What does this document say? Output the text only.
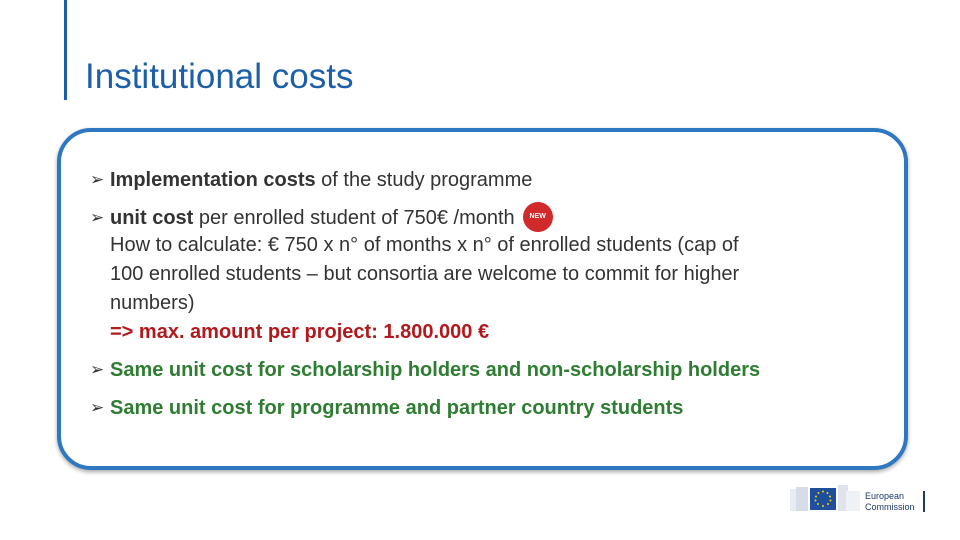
Institutional costs
➢ Implementation costs of the study programme
➢ unit cost per enrolled student of 750€ /month NEW
How to calculate: € 750 x n° of months x n° of enrolled students (cap of
100 enrolled students – but consortia are welcome to commit for higher
numbers)
=> max. amount per project: 1.800.000 €
➢ Same unit cost for scholarship holders and non-scholarship holders
➢ Same unit cost for programme and partner country students
European
Commission
